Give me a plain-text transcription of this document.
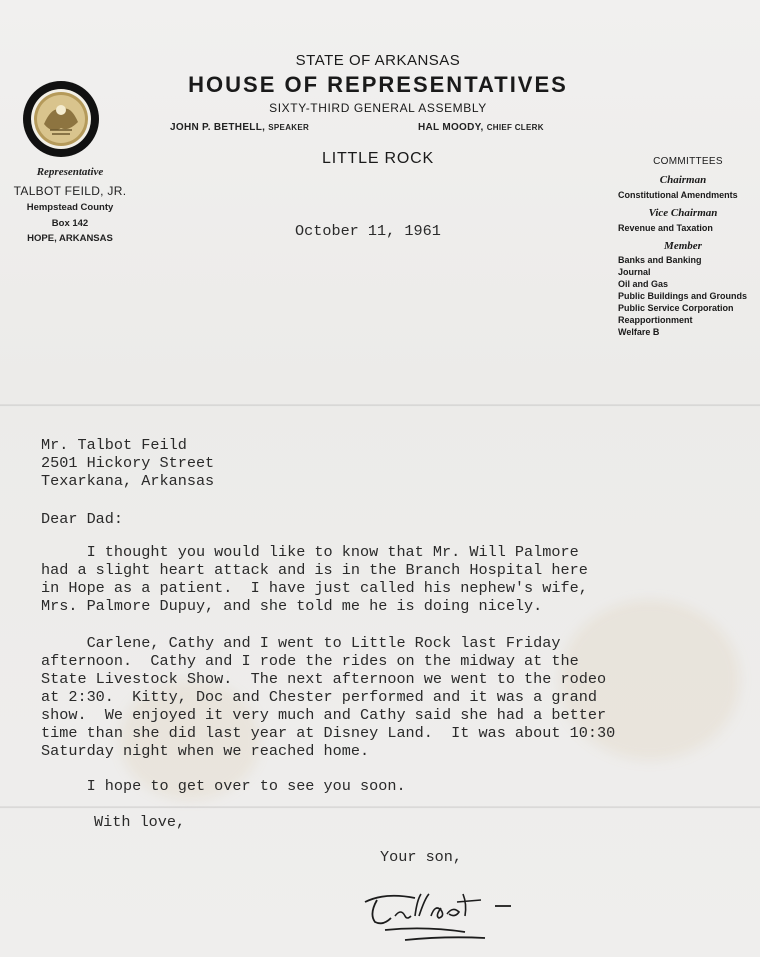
STATE OF ARKANSAS
HOUSE OF REPRESENTATIVES
SIXTY-THIRD GENERAL ASSEMBLY
JOHN P. BETHELL, SPEAKER	HAL MOODY, CHIEF CLERK
LITTLE ROCK
Representative
TALBOT FEILD, JR.
Hempstead County
Box 142
HOPE, ARKANSAS
COMMITTEES
Chairman
Constitutional Amendments
Vice Chairman
Revenue and Taxation
Member
Banks and Banking
Journal
Oil and Gas
Public Buildings and Grounds
Public Service Corporation
Reapportionment
Welfare B
October 11, 1961
Mr. Talbot Feild
2501 Hickory Street
Texarkana, Arkansas
Dear Dad:
I thought you would like to know that Mr. Will Palmore
had a slight heart attack and is in the Branch Hospital here
in Hope as a patient.  I have just called his nephew's wife,
Mrs. Palmore Dupuy, and she told me he is doing nicely.
Carlene, Cathy and I went to Little Rock last Friday
afternoon.  Cathy and I rode the rides on the midway at the
State Livestock Show.  The next afternoon we went to the rodeo
at 2:30.  Kitty, Doc and Chester performed and it was a grand
show.  We enjoyed it very much and Cathy said she had a better
time than she did last year at Disney Land.  It was about 10:30
Saturday night when we reached home.
I hope to get over to see you soon.
With love,
Your son,
